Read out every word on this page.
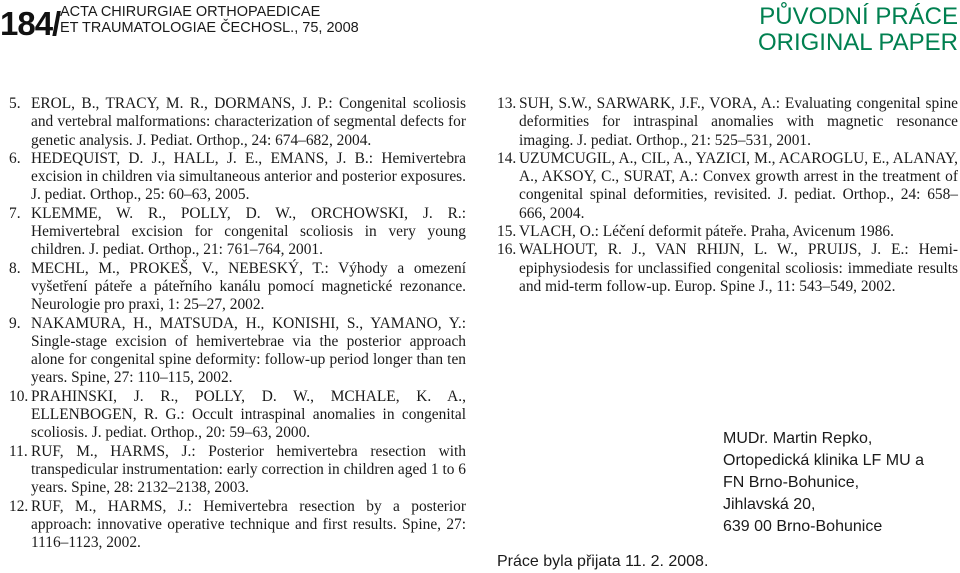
184/ ACTA CHIRURGIAE ORTHOPAEDICAE
ET TRAUMATOLOGIAE ČECHOSL., 75, 2008	PŮVODNÍ PRÁCE
ORIGINAL PAPER

5. EROL, B., TRACY, M. R., DORMANS, J. P.: Congenital scoliosis and vertebral malformations: characterization of segmental defects for genetic analysis. J. Pediat. Orthop., 24: 674–682, 2004.

6. HEDEQUIST, D. J., HALL, J. E., EMANS, J. B.: Hemivertebra excision in children via simultaneous anterior and posterior exposures. J. pediat. Orthop., 25: 60–63, 2005.

7. KLEMME, W. R., POLLY, D. W., ORCHOWSKI, J. R.: Hemivertebral excision for congenital scoliosis in very young children. J. pediat. Orthop., 21: 761–764, 2001.

8. MECHL, M., PROKEŠ, V., NEBESKÝ, T.: Výhody a omezení vyšetření páteře a páteřního kanálu pomocí magnetické rezonance. Neurologie pro praxi, 1: 25–27, 2002.

9. NAKAMURA, H., MATSUDA, H., KONISHI, S., YAMANO, Y.: Single-stage excision of hemivertebrae via the posterior approach alone for congenital spine deformity: follow-up period longer than ten years. Spine, 27: 110–115, 2002.

10. PRAHINSKI, J. R., POLLY, D. W., MCHALE, K. A., ELLENBOGEN, R. G.: Occult intraspinal anomalies in congenital scoliosis. J. pediat. Orthop., 20: 59–63, 2000.

11. RUF, M., HARMS, J.: Posterior hemivertebra resection with transpedicular instrumentation: early correction in children aged 1 to 6 years. Spine, 28: 2132–2138, 2003.

12. RUF, M., HARMS, J.: Hemivertebra resection by a posterior approach: innovative operative technique and first results. Spine, 27: 1116–1123, 2002.

13. SUH, S.W., SARWARK, J.F., VORA, A.: Evaluating congenital spine deformities for intraspinal anomalies with magnetic resonance imaging. J. pediat. Orthop., 21: 525–531, 2001.

14. UZUMCUGIL, A., CIL, A., YAZICI, M., ACAROGLU, E., ALANAY, A., AKSOY, C., SURAT, A.: Convex growth arrest in the treatment of congenital spinal deformities, revisited. J. pediat. Orthop., 24: 658–666, 2004.

15. VLACH, O.: Léčení deformit páteře. Praha, Avicenum 1986.

16. WALHOUT, R. J., VAN RHIJN, L. W., PRUIJS, J. E.: Hemi-epiphysiodesis for unclassified congenital scoliosis: immediate results and mid-term follow-up. Europ. Spine J., 11: 543–549, 2002.

Práce byla přijata 11. 2. 2008.
MUDr. Martin Repko,
Ortopedická klinika LF MU a
FN Brno-Bohunice,
Jihlavská 20,
639 00 Brno-Bohunice
